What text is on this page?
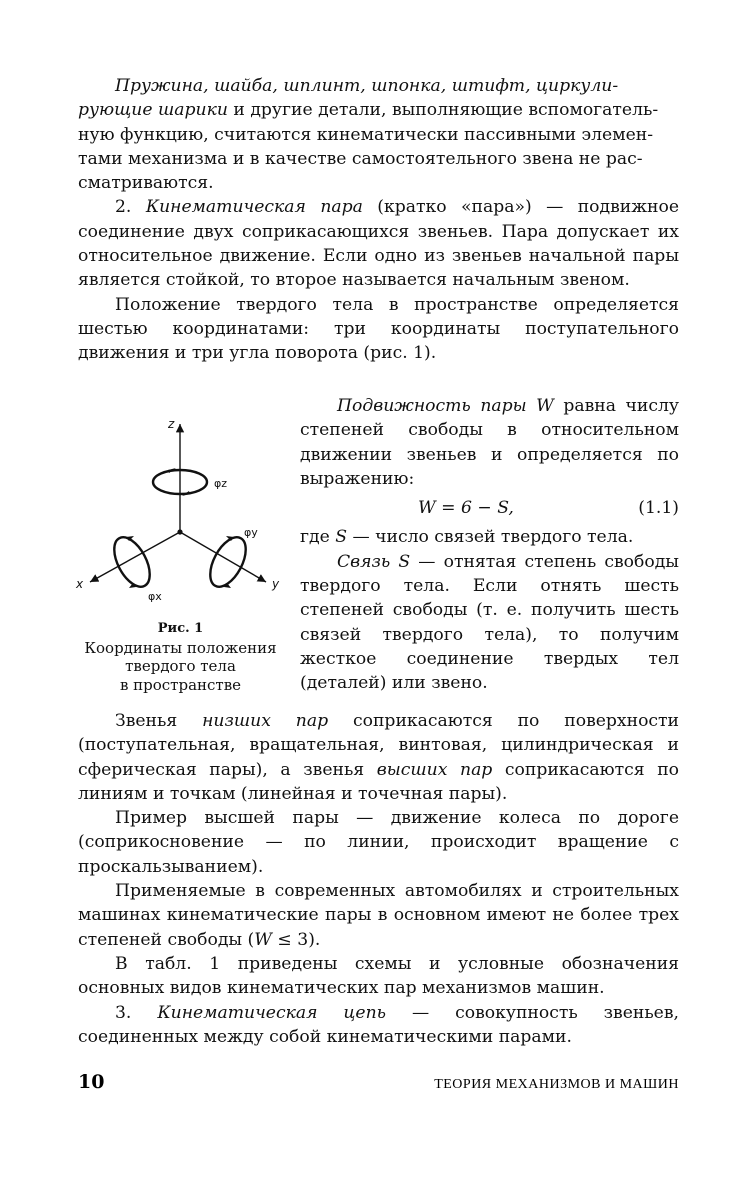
Пружина, шайба, шплинт, шпонка, штифт, циркули-
рующие шарики и другие детали, выполняющие вспомогатель-
ную функцию, считаются кинематически пассивными элемен-
тами механизма и в качестве самостоятельного звена не рас-
сматриваются.

2. Кинематическая пара (кратко «пара») — подвижное соединение двух соприкасающихся звеньев. Пара допускает их относительное движение. Если одно из звеньев начальной пары является стойкой, то второе называется начальным звеном.

Положение твердого тела в пространстве определяется шестью координатами: три координаты поступательного движения и три угла поворота (рис. 1).

z
x	y
φz
φx
φy
Рис. 1
Координаты положения
твердого тела
в пространстве

Подвижность пары W равна числу степеней свободы в относительном движении звеньев и определяется по выражению:

W = 6 − S,	(1.1)

где S — число связей твердого тела.

Связь S — отнятая степень свободы твердого тела. Если отнять шесть степеней свободы (т. е. получить шесть связей твердого тела), то получим жесткое соединение твердых тел (деталей) или звено.

Звенья низших пар соприкасаются по поверхности (поступательная, вращательная, винтовая, цилиндрическая и сферическая пары), а звенья высших пар соприкасаются по линиям и точкам (линейная и точечная пары).

Пример высшей пары — движение колеса по дороге (соприкосновение — по линии, происходит вращение с проскальзыванием).

Применяемые в современных автомобилях и строительных машинах кинематические пары в основном имеют не более трех степеней свободы (W ≤ 3).

В табл. 1 приведены схемы и условные обозначения основных видов кинематических пар механизмов машин.

3. Кинематическая цепь — совокупность звеньев, соединенных между собой кинематическими парами.

10	ТЕОРИЯ МЕХАНИЗМОВ И МАШИН
